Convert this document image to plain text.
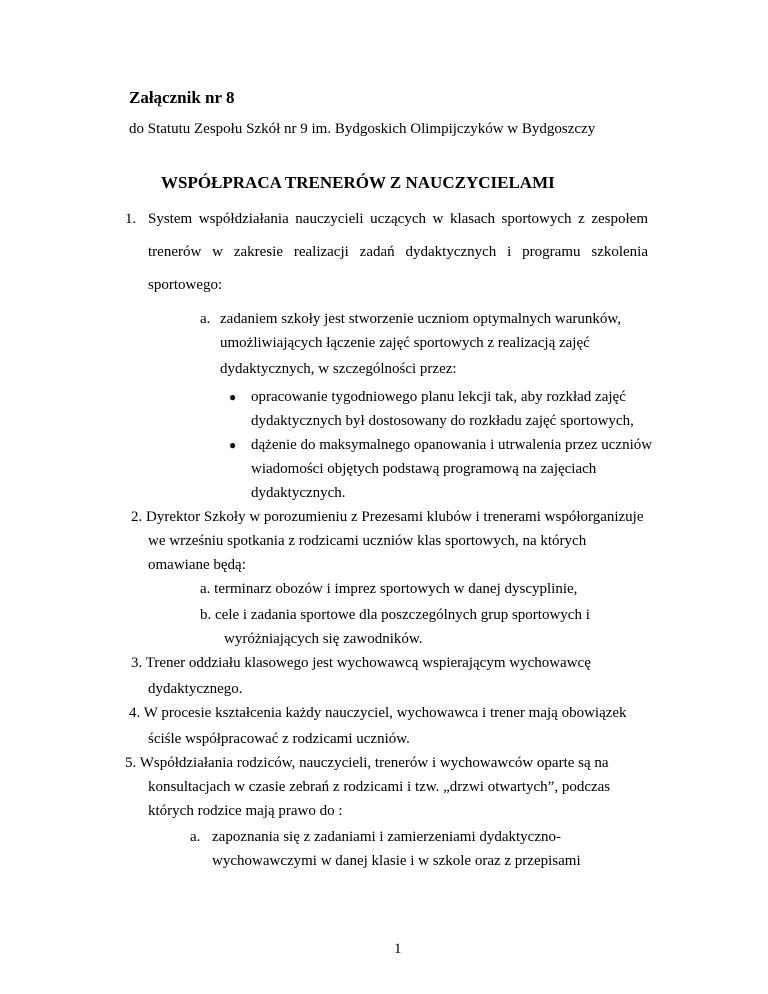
Załącznik nr 8
do Statutu Zespołu Szkół nr 9 im. Bydgoskich Olimpijczyków w Bydgoszczy
WSPÓŁPRACA TRENERÓW Z NAUCZYCIELAMI
1. System współdziałania nauczycieli uczących w klasach sportowych z zespołem
trenerów w zakresie realizacji zadań dydaktycznych i programu szkolenia
sportowego:
a. zadaniem szkoły jest stworzenie uczniom optymalnych warunków,
umożliwiających łączenie zajęć sportowych z realizacją zajęć
dydaktycznych, w szczególności przez:
● opracowanie tygodniowego planu lekcji tak, aby rozkład zajęć
dydaktycznych był dostosowany do rozkładu zajęć sportowych,
● dążenie do maksymalnego opanowania i utrwalenia przez uczniów
wiadomości objętych podstawą programową na zajęciach
dydaktycznych.
2. Dyrektor Szkoły w porozumieniu z Prezesami klubów i trenerami współorganizuje
we wrześniu spotkania z rodzicami uczniów klas sportowych, na których
omawiane będą:
a. terminarz obozów i imprez sportowych w danej dyscyplinie,
b. cele i zadania sportowe dla poszczególnych grup sportowych i
wyróżniających się zawodników.
3. Trener oddziału klasowego jest wychowawcą wspierającym wychowawcę
dydaktycznego.
4. W procesie kształcenia każdy nauczyciel, wychowawca i trener mają obowiązek
ściśle współpracować z rodzicami uczniów.
5. Współdziałania rodziców, nauczycieli, trenerów i wychowawców oparte są na
konsultacjach w czasie zebrań z rodzicami i tzw. „drzwi otwartych”, podczas
których rodzice mają prawo do :
a. zapoznania się z zadaniami i zamierzeniami dydaktyczno-
wychowawczymi w danej klasie i w szkole oraz z przepisami
1
